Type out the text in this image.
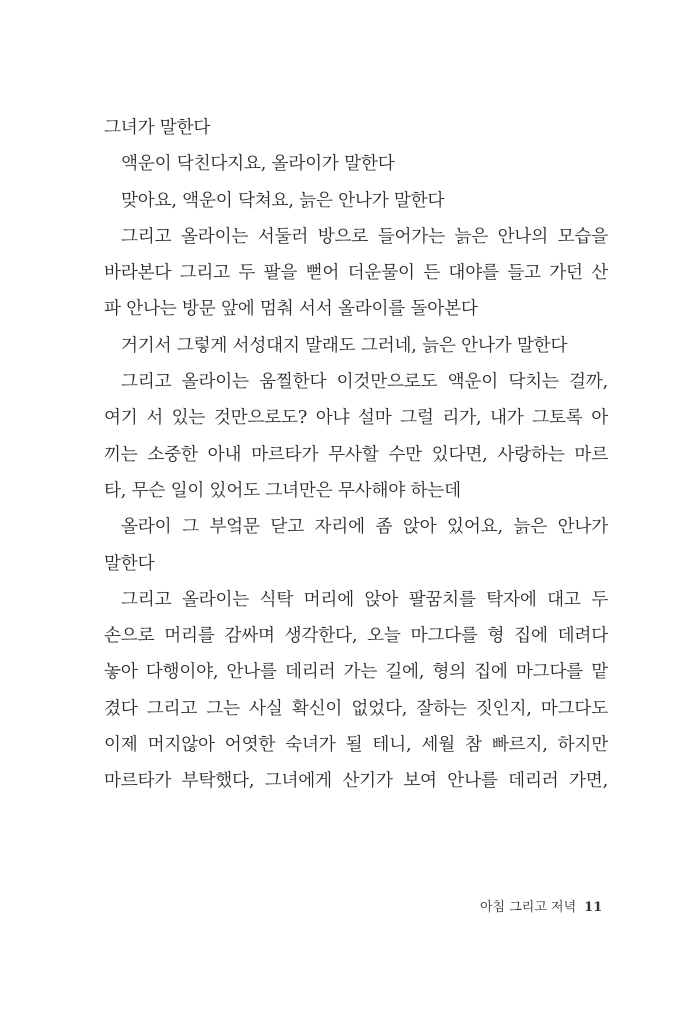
그녀가 말한다
액운이 닥친다지요, 올라이가 말한다
맞아요, 액운이 닥쳐요, 늙은 안나가 말한다
그리고 올라이는 서둘러 방으로 들어가는 늙은 안나의 모습을
바라본다 그리고 두 팔을 뻗어 더운물이 든 대야를 들고 가던 산
파 안나는 방문 앞에 멈춰 서서 올라이를 돌아본다
거기서 그렇게 서성대지 말래도 그러네, 늙은 안나가 말한다
그리고 올라이는 움찔한다 이것만으로도 액운이 닥치는 걸까,
여기 서 있는 것만으로도? 아냐 설마 그럴 리가, 내가 그토록 아
끼는 소중한 아내 마르타가 무사할 수만 있다면, 사랑하는 마르
타, 무슨 일이 있어도 그녀만은 무사해야 하는데
올라이 그 부엌문 닫고 자리에 좀 앉아 있어요, 늙은 안나가
말한다
그리고 올라이는 식탁 머리에 앉아 팔꿈치를 탁자에 대고 두
손으로 머리를 감싸며 생각한다, 오늘 마그다를 형 집에 데려다
놓아 다행이야, 안나를 데리러 가는 길에, 형의 집에 마그다를 맡
겼다 그리고 그는 사실 확신이 없었다, 잘하는 짓인지, 마그다도
이제 머지않아 어엿한 숙녀가 될 테니, 세월 참 빠르지, 하지만
마르타가 부탁했다, 그녀에게 산기가 보여 안나를 데리러 가면,
아침 그리고 저녁 11
